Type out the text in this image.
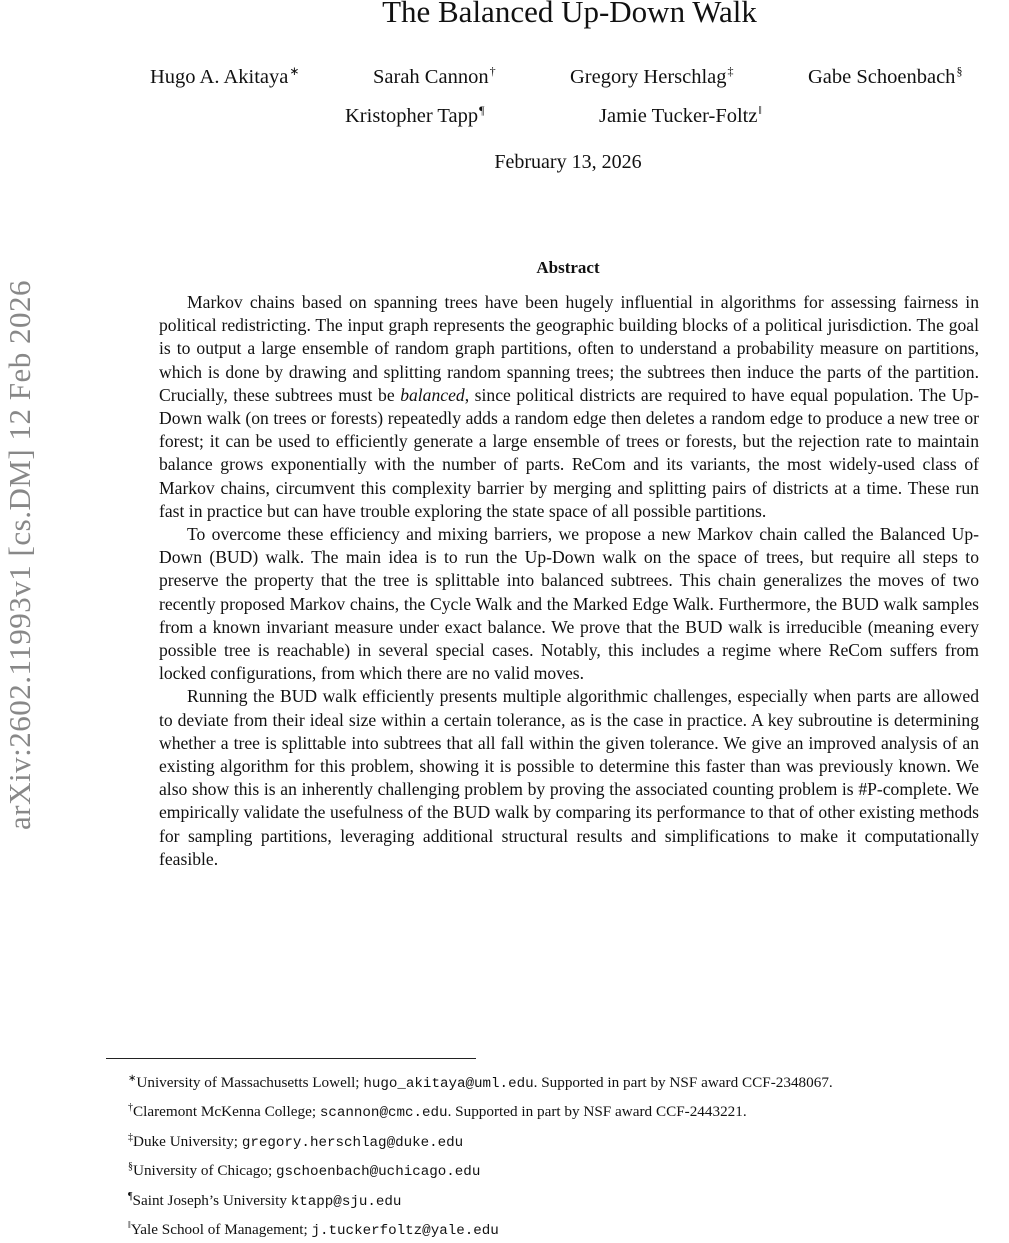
arXiv:2602.11993v1 [cs.DM] 12 Feb 2026
The Balanced Up-Down Walk
Hugo A. Akitaya∗	Sarah Cannon†	Gregory Herschlag‡	Gabe Schoenbach§
Kristopher Tapp¶	Jamie Tucker-Foltz‖
February 13, 2026
Abstract

Markov chains based on spanning trees have been hugely influential in algorithms for assessing fairness in political redistricting. The input graph represents the geographic building blocks of a political jurisdiction. The goal is to output a large ensemble of random graph partitions, often to understand a probability measure on partitions, which is done by drawing and splitting random spanning trees; the subtrees then induce the parts of the partition. Crucially, these subtrees must be balanced, since political districts are required to have equal population. The Up-Down walk (on trees or forests) repeatedly adds a random edge then deletes a random edge to produce a new tree or forest; it can be used to efficiently generate a large ensemble of trees or forests, but the rejection rate to maintain balance grows exponentially with the number of parts. ReCom and its variants, the most widely-used class of Markov chains, circumvent this complexity barrier by merging and splitting pairs of districts at a time. These run fast in practice but can have trouble exploring the state space of all possible partitions.

To overcome these efficiency and mixing barriers, we propose a new Markov chain called the Balanced Up-Down (BUD) walk. The main idea is to run the Up-Down walk on the space of trees, but require all steps to preserve the property that the tree is splittable into balanced subtrees. This chain generalizes the moves of two recently proposed Markov chains, the Cycle Walk and the Marked Edge Walk. Furthermore, the BUD walk samples from a known invariant measure under exact balance. We prove that the BUD walk is irreducible (meaning every possible tree is reachable) in several special cases. Notably, this includes a regime where ReCom suffers from locked configurations, from which there are no valid moves.

Running the BUD walk efficiently presents multiple algorithmic challenges, especially when parts are allowed to deviate from their ideal size within a certain tolerance, as is the case in practice. A key subroutine is determining whether a tree is splittable into subtrees that all fall within the given tolerance. We give an improved analysis of an existing algorithm for this problem, showing it is possible to determine this faster than was previously known. We also show this is an inherently challenging problem by proving the associated counting problem is #P-complete. We empirically validate the usefulness of the BUD walk by comparing its performance to that of other existing methods for sampling partitions, leveraging additional structural results and simplifications to make it computationally feasible.

∗University of Massachusetts Lowell; hugo_akitaya@uml.edu. Supported in part by NSF award CCF-2348067.
†Claremont McKenna College; scannon@cmc.edu. Supported in part by NSF award CCF-2443221.
‡Duke University; gregory.herschlag@duke.edu
§University of Chicago; gschoenbach@uchicago.edu
¶Saint Joseph’s University ktapp@sju.edu
‖Yale School of Management; j.tuckerfoltz@yale.edu
